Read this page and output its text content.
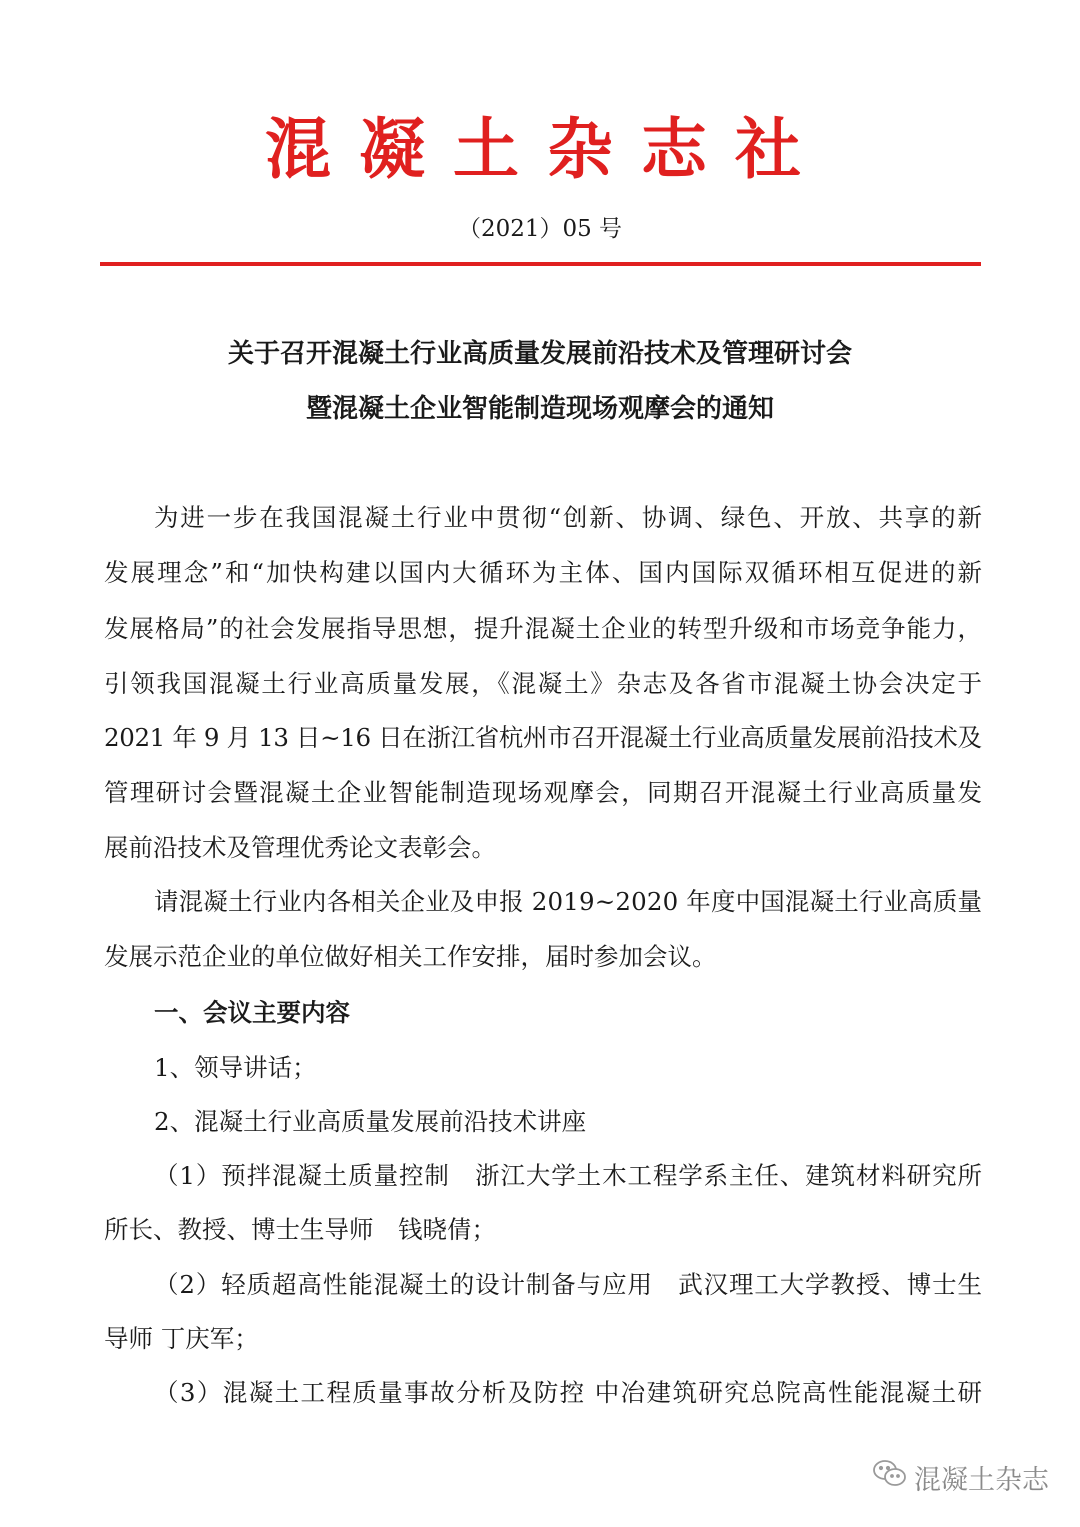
混凝土杂志社
（2021）05 号
关于召开混凝土行业高质量发展前沿技术及管理研讨会
暨混凝土企业智能制造现场观摩会的通知
为进一步在我国混凝土行业中贯彻“创新、协调、绿色、开放、共享的新
发展理念”和“加快构建以国内大循环为主体、国内国际双循环相互促进的新
发展格局”的社会发展指导思想，提升混凝土企业的转型升级和市场竞争能力，
引领我国混凝土行业高质量发展，《混凝土》杂志及各省市混凝土协会决定于
2021 年 9 月 13 日~16 日在浙江省杭州市召开混凝土行业高质量发展前沿技术及
管理研讨会暨混凝土企业智能制造现场观摩会，同期召开混凝土行业高质量发
展前沿技术及管理优秀论文表彰会。
请混凝土行业内各相关企业及申报 2019~2020 年度中国混凝土行业高质量
发展示范企业的单位做好相关工作安排，届时参加会议。
一、会议主要内容
1、领导讲话；
2、混凝土行业高质量发展前沿技术讲座
（1）预拌混凝土质量控制　浙江大学土木工程学系主任、建筑材料研究所
所长、教授、博士生导师　钱晓倩；
（2）轻质超高性能混凝土的设计制备与应用　武汉理工大学教授、博士生
导师 丁庆军；
（3）混凝土工程质量事故分析及防控 中冶建筑研究总院高性能混凝土研
混凝土杂志
